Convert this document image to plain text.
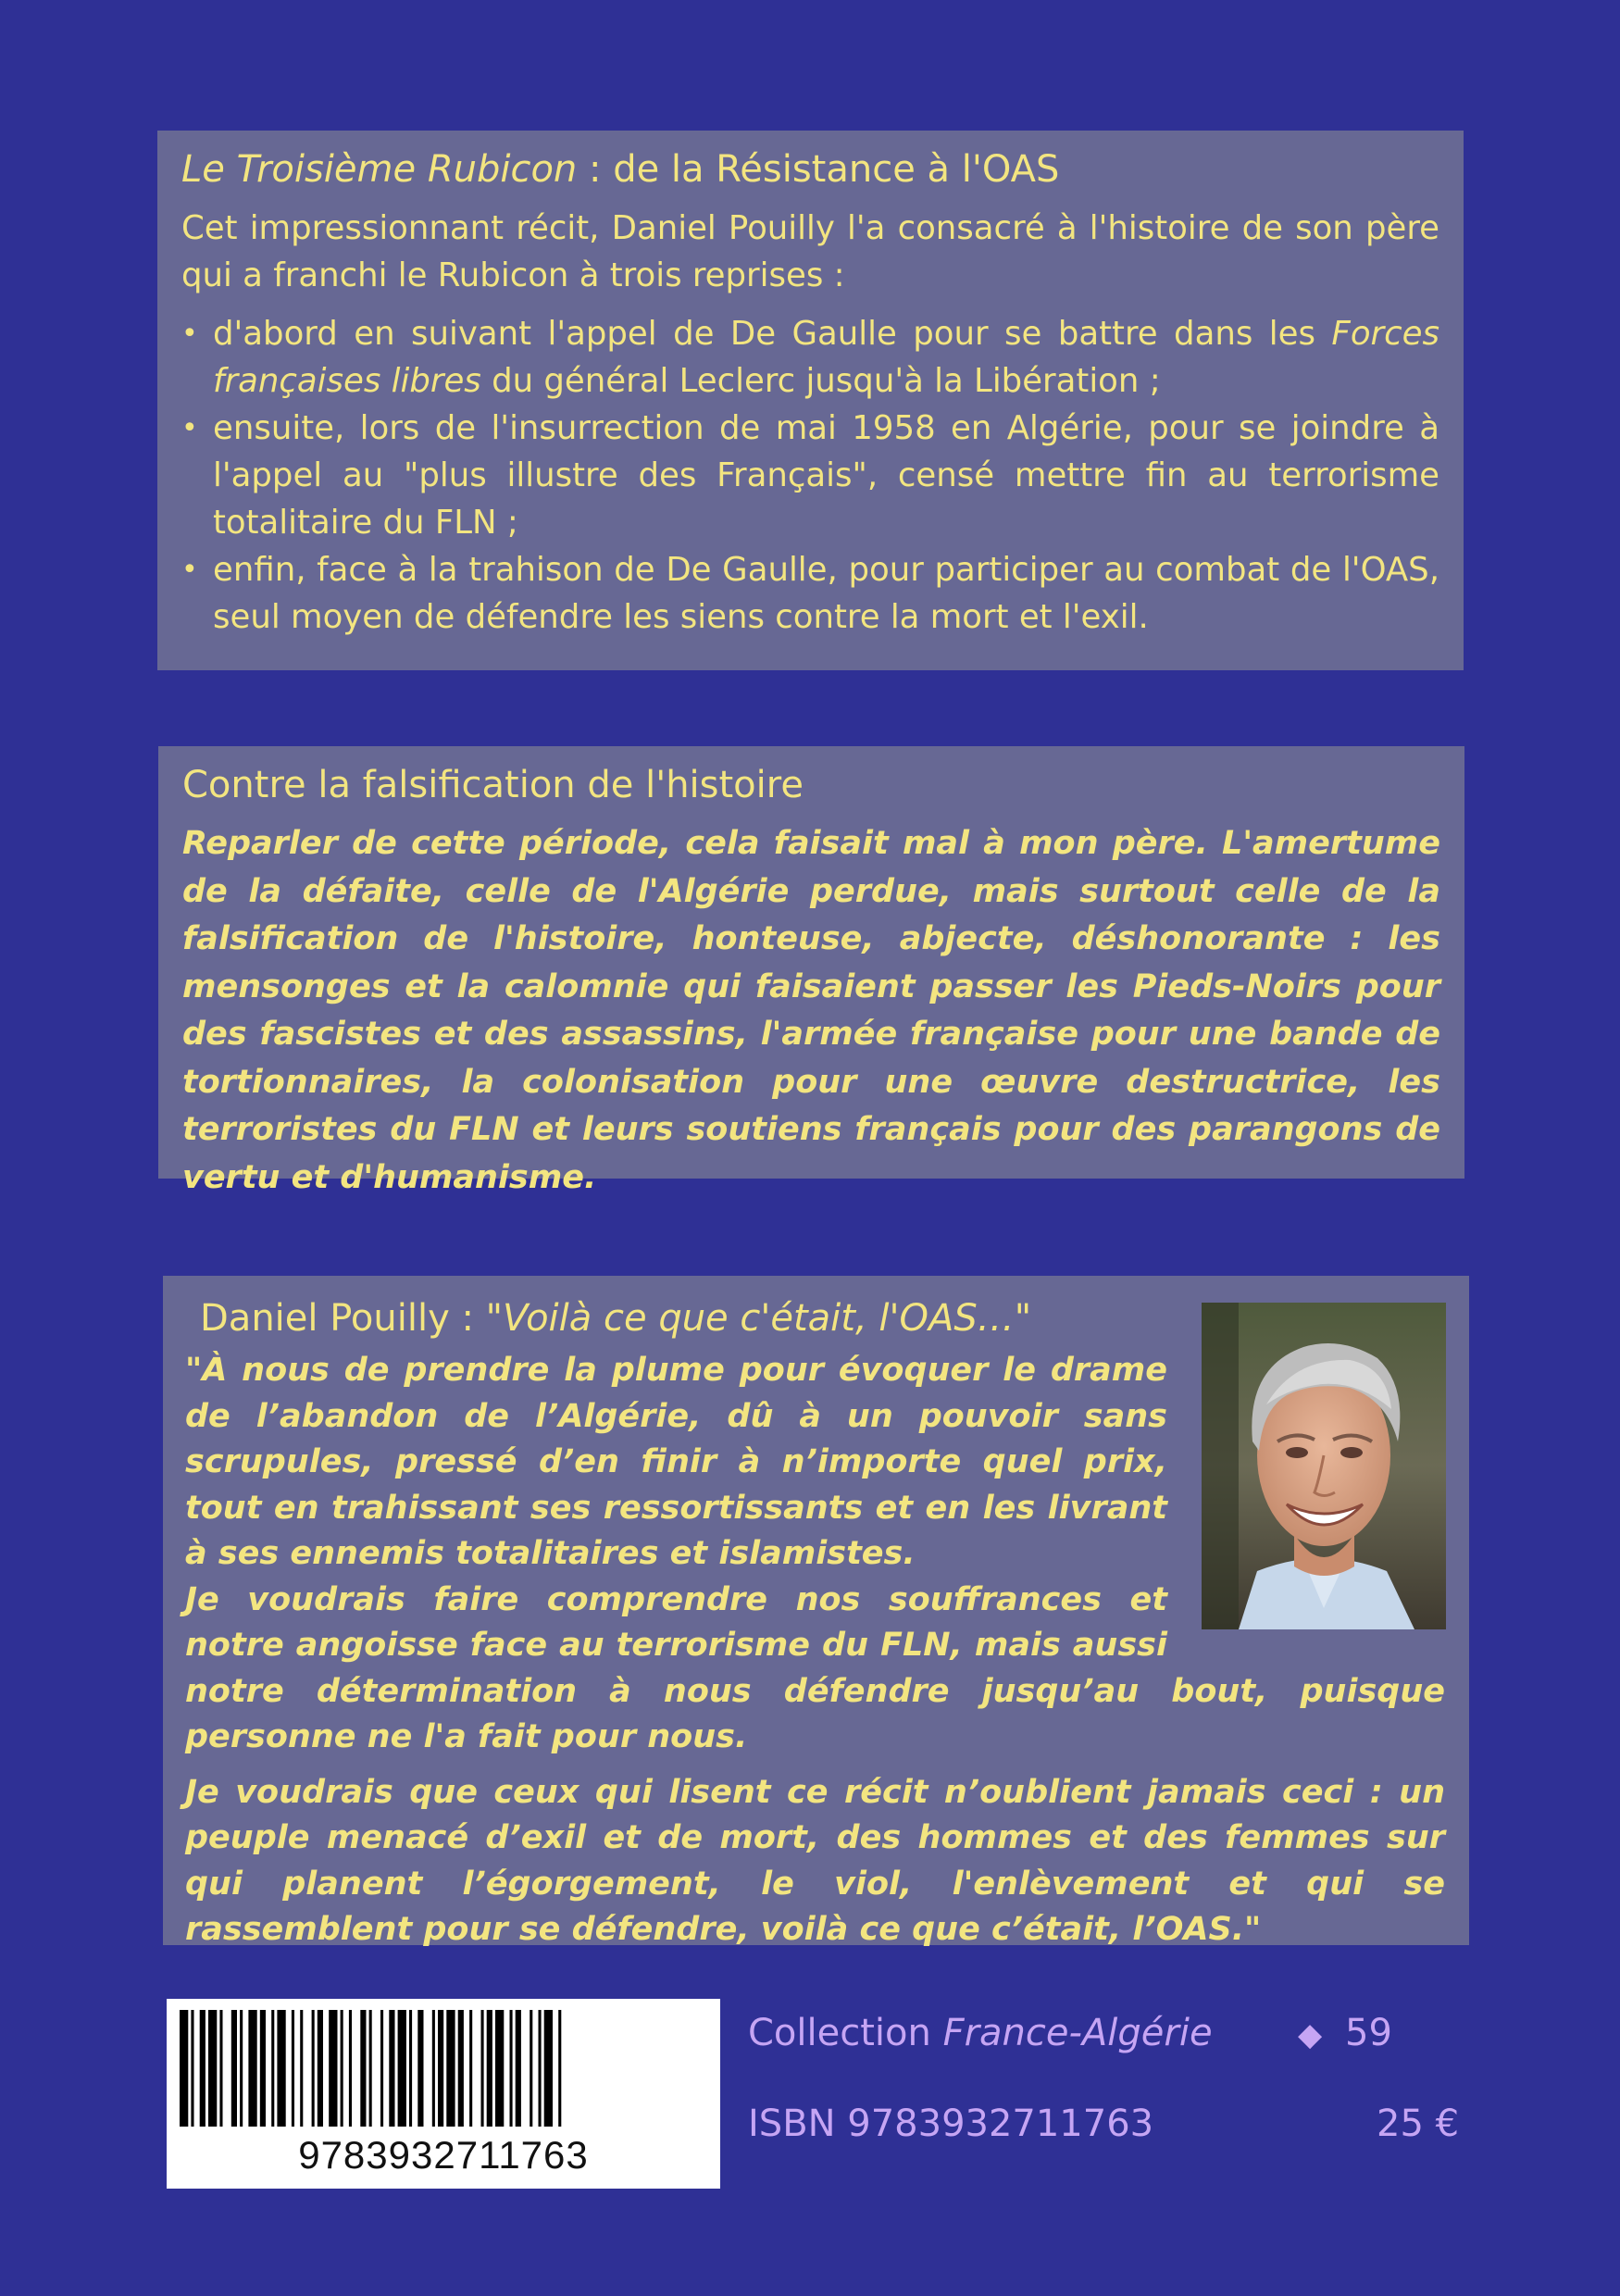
Le Troisième Rubicon : de la Résistance à l'OAS

Cet impressionnant récit, Daniel Pouilly l'a consacré à l'histoire de son père qui a franchi le Rubicon à trois reprises :

• d'abord en suivant l'appel de De Gaulle pour se battre dans les Forces françaises libres du général Leclerc jusqu'à la Libération ;
• ensuite, lors de l'insurrection de mai 1958 en Algérie, pour se joindre à l'appel au "plus illustre des Français", censé mettre fin au terrorisme totalitaire du FLN ;
• enfin, face à la trahison de De Gaulle, pour participer au combat de l'OAS, seul moyen de défendre les siens contre la mort et l'exil.
Contre la falsification de l'histoire

Reparler de cette période, cela faisait mal à mon père. L'amertume de la défaite, celle de l'Algérie perdue, mais surtout celle de la falsification de l'histoire, honteuse, abjecte, déshonorante : les mensonges et la calomnie qui faisaient passer les Pieds-Noirs pour des fascistes et des assassins, l'armée française pour une bande de tortionnaires, la colonisation pour une œuvre destructrice, les terroristes du FLN et leurs soutiens français pour des parangons de vertu et d'humanisme.

Daniel Pouilly : "Voilà ce que c'était, l'OAS…"

"À nous de prendre la plume pour évoquer le drame de l’abandon de l’Algérie, dû à un pouvoir sans scrupules, pressé d’en finir à n’importe quel prix, tout en trahissant ses ressortissants et en les livrant à ses ennemis totalitaires et islamistes.

Je voudrais faire comprendre nos souffrances et notre angoisse face au terrorisme du FLN, mais aussi notre détermination à nous défendre jusqu’au bout, puisque personne ne l'a fait pour nous.

Je voudrais que ceux qui lisent ce récit n’oublient jamais ceci : un peuple menacé d’exil et de mort, des hommes et des femmes sur qui planent l’égorgement, le viol, l'enlèvement et qui se rassemblent pour se défendre, voilà ce que c’était, l’OAS."

9783932711763
Collection France-Algérie	◆ 59
ISBN 9783932711763	25 €
